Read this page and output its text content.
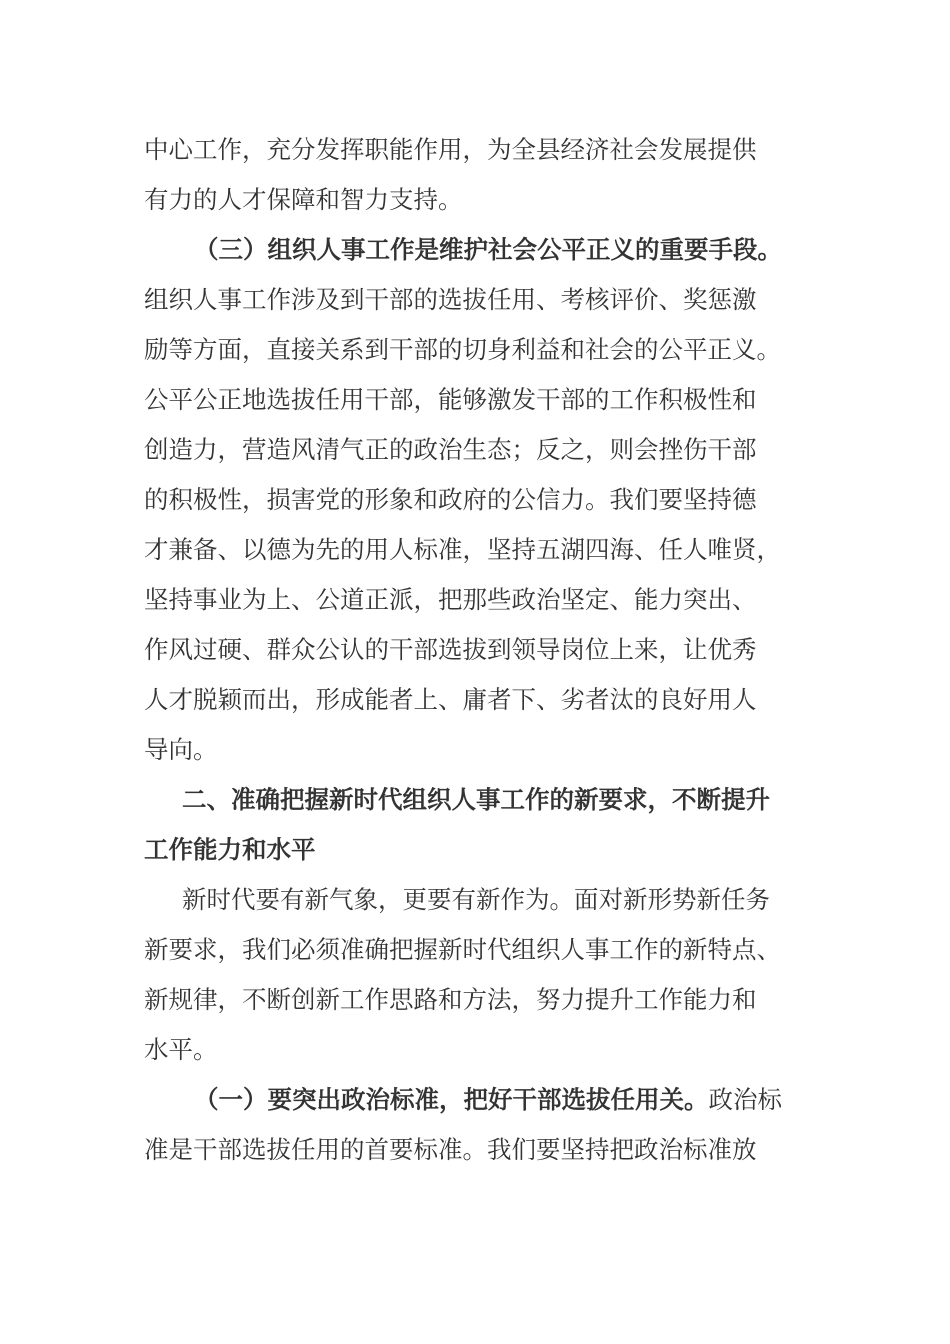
中心工作，充分发挥职能作用，为全县经济社会发展提供
有力的人才保障和智力支持。
（三）组织人事工作是维护社会公平正义的重要手段。
组织人事工作涉及到干部的选拔任用、考核评价、奖惩激
励等方面，直接关系到干部的切身利益和社会的公平正义。
公平公正地选拔任用干部，能够激发干部的工作积极性和
创造力，营造风清气正的政治生态；反之，则会挫伤干部
的积极性，损害党的形象和政府的公信力。我们要坚持德
才兼备、以德为先的用人标准，坚持五湖四海、任人唯贤，
坚持事业为上、公道正派，把那些政治坚定、能力突出、
作风过硬、群众公认的干部选拔到领导岗位上来，让优秀
人才脱颖而出，形成能者上、庸者下、劣者汰的良好用人
导向。
二、准确把握新时代组织人事工作的新要求，不断提升
工作能力和水平
新时代要有新气象，更要有新作为。面对新形势新任务
新要求，我们必须准确把握新时代组织人事工作的新特点、
新规律，不断创新工作思路和方法，努力提升工作能力和
水平。
（一）要突出政治标准，把好干部选拔任用关。政治标
准是干部选拔任用的首要标准。我们要坚持把政治标准放
